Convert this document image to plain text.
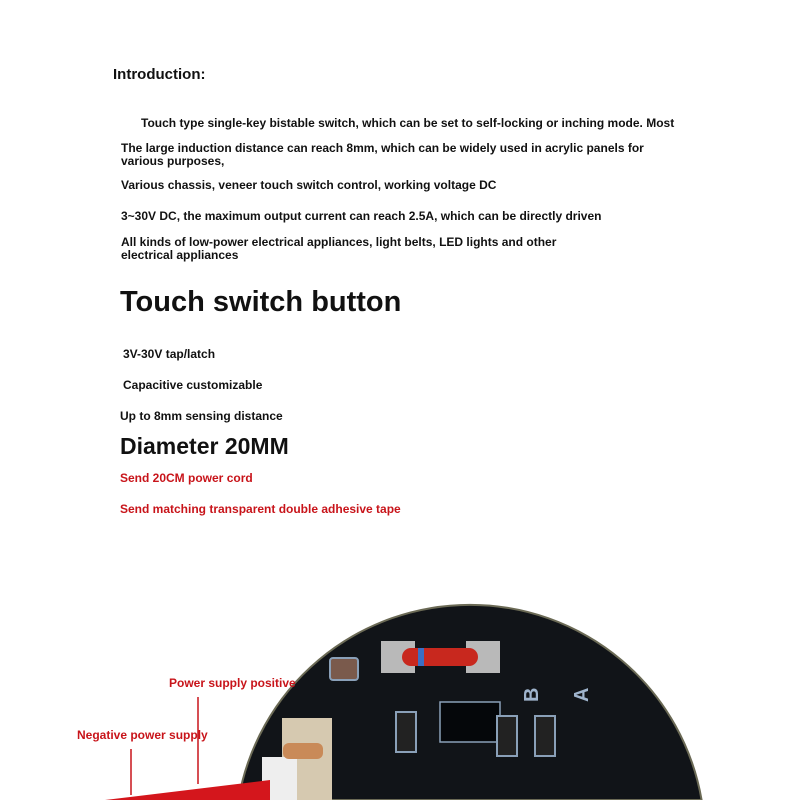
Introduction:
Touch type single-key bistable switch, which can be set to self-locking or inching mode. Most
The large induction distance can reach 8mm, which can be widely used in acrylic panels for
various purposes,
Various chassis, veneer touch switch control, working voltage DC
3~30V DC, the maximum output current can reach 2.5A, which can be directly driven
All kinds of low-power electrical appliances, light belts, LED lights and other
electrical appliances
Touch switch button
3V-30V tap/latch
Capacitive customizable
Up to 8mm sensing distance
Diameter 20MM
Send 20CM power cord
Send matching transparent double adhesive tape
B A
Power supply positive
Negative power supply
